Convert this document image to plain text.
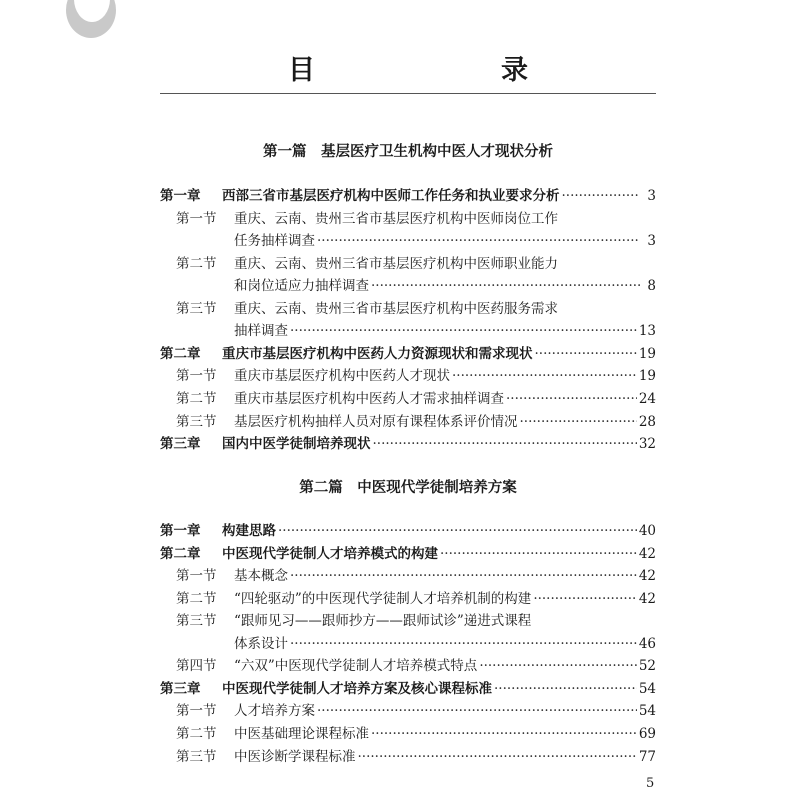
目　　录
第一篇　基层医疗卫生机构中医人才现状分析
第一章	西部三省市基层医疗机构中医师工作任务和执业要求分析 ·····	3
第一节	重庆、云南、贵州三省市基层医疗机构中医师岗位工作
任务抽样调查 ·····	3
第二节	重庆、云南、贵州三省市基层医疗机构中医师职业能力
和岗位适应力抽样调查 ·····	8
第三节	重庆、云南、贵州三省市基层医疗机构中医药服务需求
抽样调查 ·····	13
第二章	重庆市基层医疗机构中医药人力资源现状和需求现状 ·····	19
第一节	重庆市基层医疗机构中医药人才现状 ·····	19
第二节	重庆市基层医疗机构中医药人才需求抽样调查 ·····	24
第三节	基层医疗机构抽样人员对原有课程体系评价情况 ·····	28
第三章	国内中医学徒制培养现状 ·····	32
第二篇　中医现代学徒制培养方案
第一章	构建思路 ·····	40
第二章	中医现代学徒制人才培养模式的构建 ·····	42
第一节	基本概念 ·····	42
第二节	“四轮驱动”的中医现代学徒制人才培养机制的构建 ·····	42
第三节	“跟师见习——跟师抄方——跟师试诊”递进式课程
体系设计 ·····	46
第四节	“六双”中医现代学徒制人才培养模式特点 ·····	52
第三章	中医现代学徒制人才培养方案及核心课程标准 ·····	54
第一节	人才培养方案 ·····	54
第二节	中医基础理论课程标准 ·····	69
第三节	中医诊断学课程标准 ·····	77
5
